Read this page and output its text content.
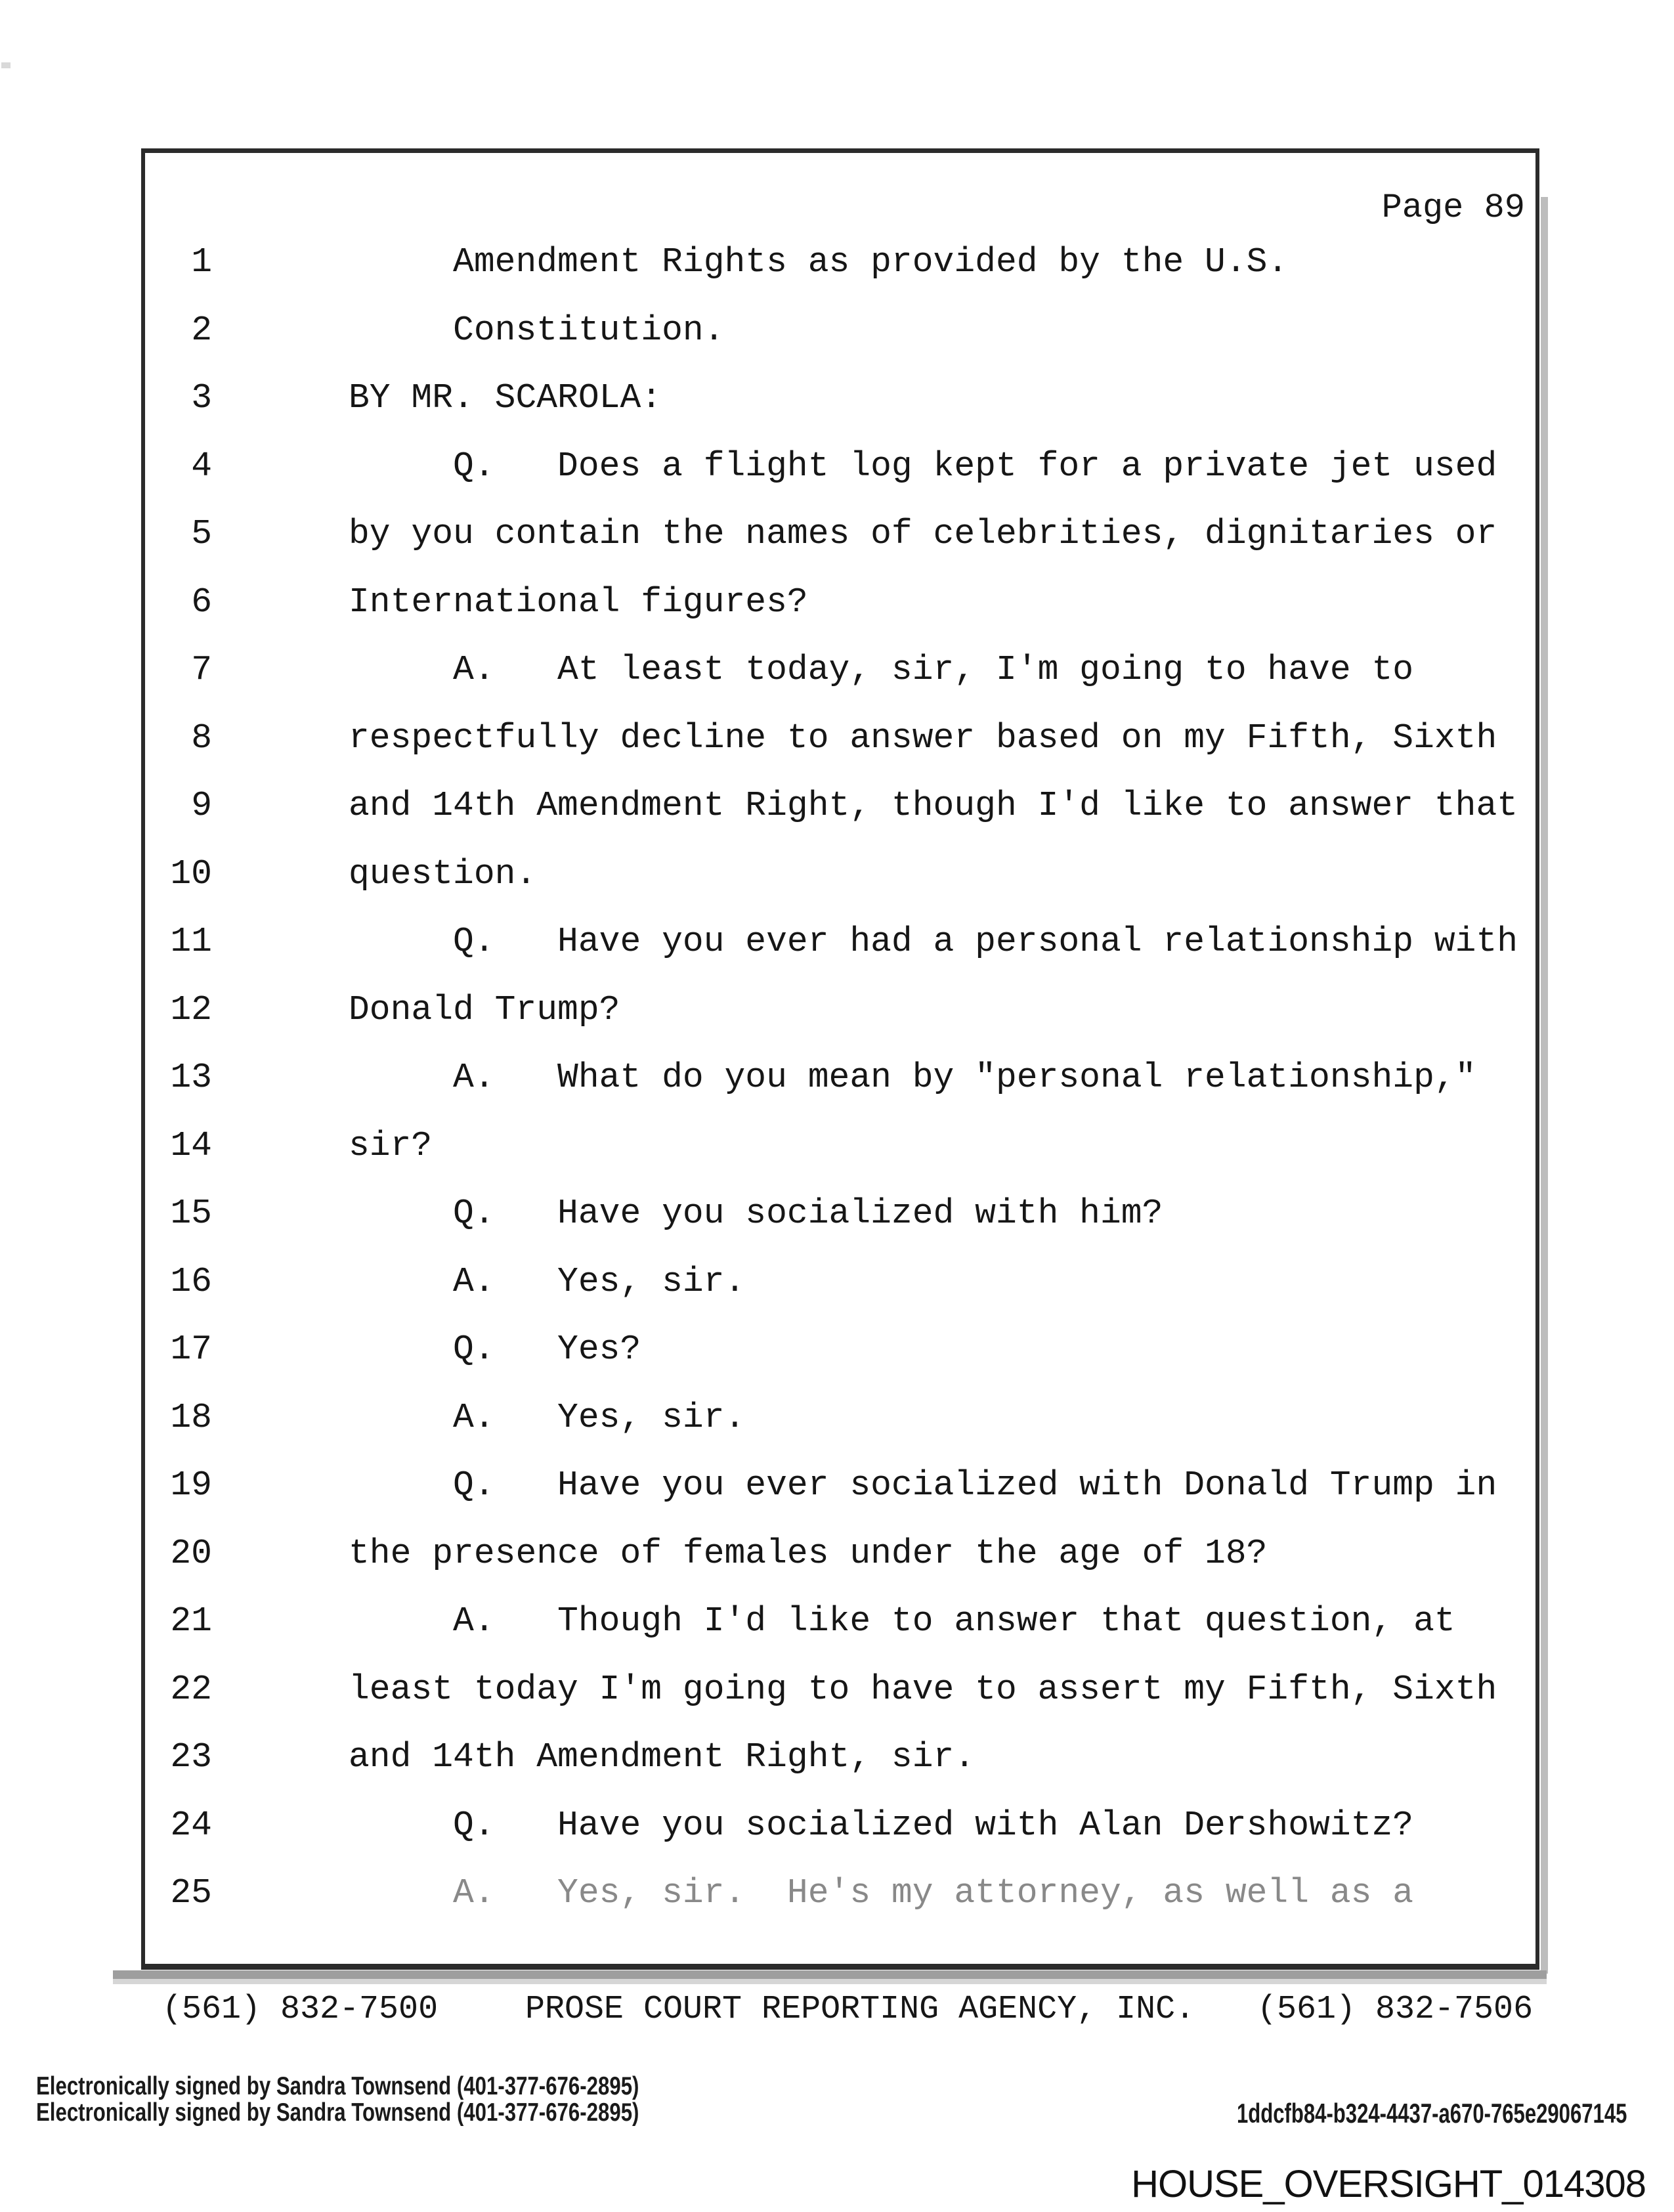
Page 89
1	Amendment Rights as provided by the U.S.
2	Constitution.
3	BY MR. SCAROLA:
4	Q.   Does a flight log kept for a private jet used
5	by you contain the names of celebrities, dignitaries or
6	International figures?
7	A.   At least today, sir, I'm going to have to
8	respectfully decline to answer based on my Fifth, Sixth
9	and 14th Amendment Right, though I'd like to answer that
10	question.
11	Q.   Have you ever had a personal relationship with
12	Donald Trump?
13	A.   What do you mean by "personal relationship,"
14	sir?
15	Q.   Have you socialized with him?
16	A.   Yes, sir.
17	Q.   Yes?
18	A.   Yes, sir.
19	Q.   Have you ever socialized with Donald Trump in
20	the presence of females under the age of 18?
21	A.   Though I'd like to answer that question, at
22	least today I'm going to have to assert my Fifth, Sixth
23	and 14th Amendment Right, sir.
24	Q.   Have you socialized with Alan Dershowitz?
25	A.   Yes, sir.  He's my attorney, as well as a
(561) 832-7500	PROSE COURT REPORTING AGENCY, INC. (561) 832-7506
Electronically signed by Sandra Townsend (401-377-676-2895)
Electronically signed by Sandra Townsend (401-377-676-2895)	1ddcfb84-b324-4437-a670-765e29067145
HOUSE_OVERSIGHT_014308
